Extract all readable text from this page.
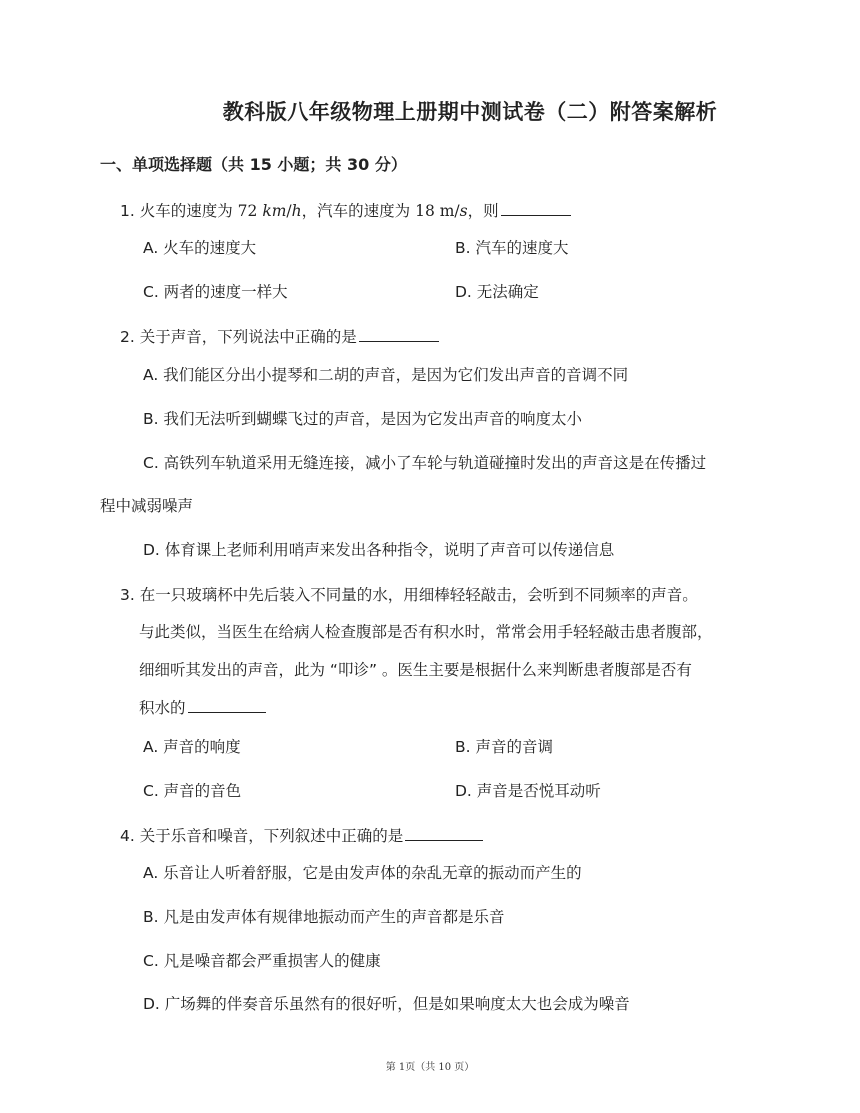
教科版八年级物理上册期中测试卷（二）附答案解析
一、单项选择题（共 15 小题；共 30 分）
1. 火车的速度为 72 km/h，汽车的速度为 18 m/s，则
A. 火车的速度大	B. 汽车的速度大
C. 两者的速度一样大	D. 无法确定
2. 关于声音，下列说法中正确的是
A. 我们能区分出小提琴和二胡的声音，是因为它们发出声音的音调不同
B. 我们无法听到蝴蝶飞过的声音，是因为它发出声音的响度太小
C. 高铁列车轨道采用无缝连接，减小了车轮与轨道碰撞时发出的声音这是在传播过
程中减弱噪声
D. 体育课上老师利用哨声来发出各种指令，说明了声音可以传递信息
3. 在一只玻璃杯中先后装入不同量的水，用细棒轻轻敲击，会听到不同频率的声音。
与此类似，当医生在给病人检查腹部是否有积水时，常常会用手轻轻敲击患者腹部，
细细听其发出的声音，此为 “叩诊” 。医生主要是根据什么来判断患者腹部是否有
积水的
A. 声音的响度	B. 声音的音调
C. 声音的音色	D. 声音是否悦耳动听
4. 关于乐音和噪音，下列叙述中正确的是
A. 乐音让人听着舒服，它是由发声体的杂乱无章的振动而产生的
B. 凡是由发声体有规律地振动而产生的声音都是乐音
C. 凡是噪音都会严重损害人的健康
D. 广场舞的伴奏音乐虽然有的很好听，但是如果响度太大也会成为噪音
第 1页（共 10 页）
